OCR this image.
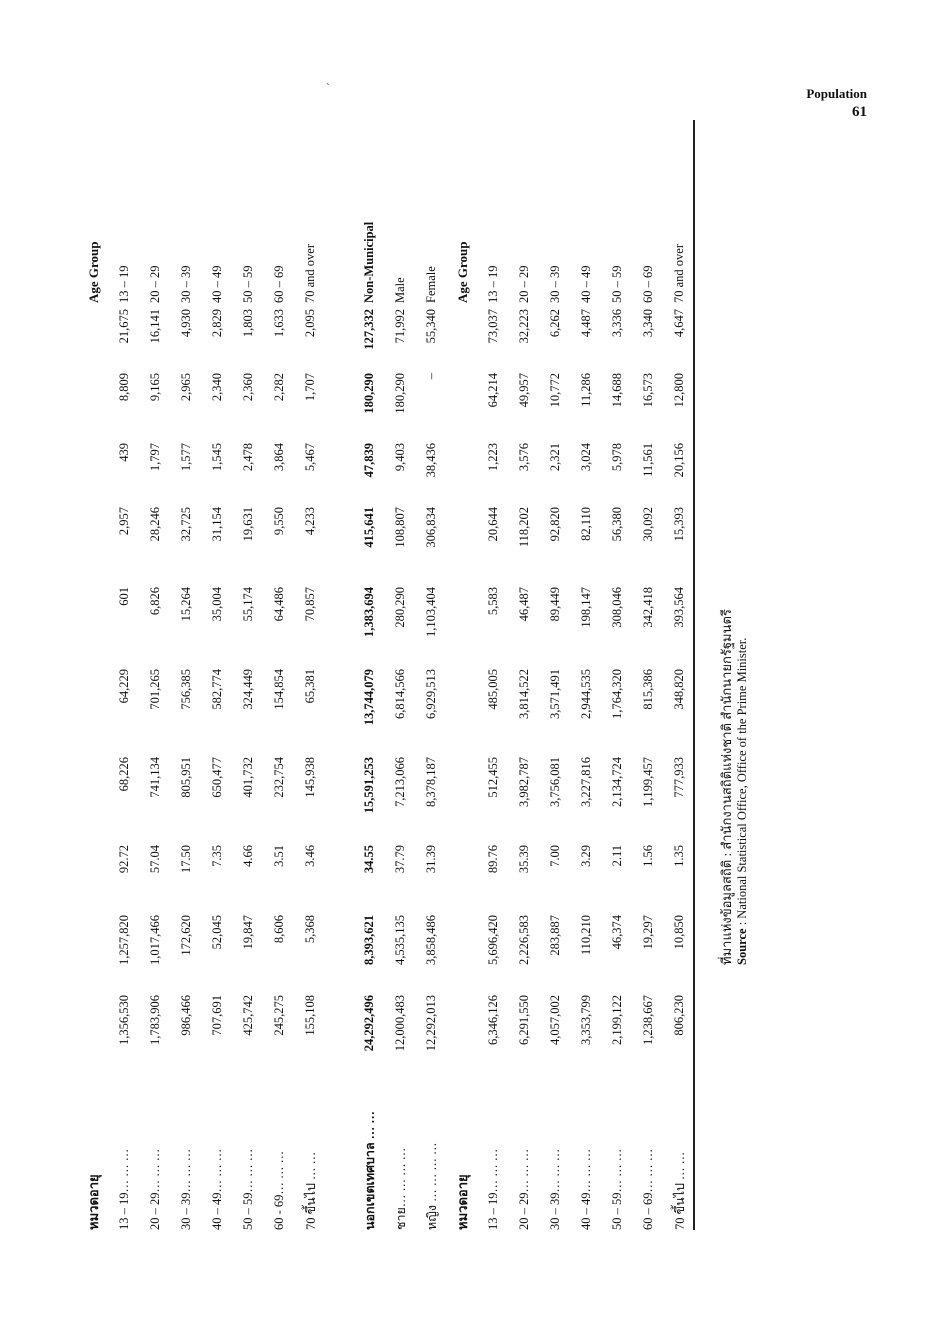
Population
61
`
หมวดอายุ											Age Group
13 – 19… … …	1,356,530	1,257,820	92.72	68,226	64,229	601	2,957	439	8,809	21,675	13 – 19
20 – 29… … …	1,783,906	1,017,466	57.04	741,134	701,265	6,826	28,246	1,797	9,165	16,141	20 – 29
30 – 39… … …	986,466	172,620	17.50	805,951	756,385	15,264	32,725	1,577	2,965	4,930	30 – 39
40 – 49… … …	707,691	52,045	7.35	650,477	582,774	35,004	31,154	1,545	2,340	2,829	40 – 49
50 – 59… … …	425,742	19,847	4.66	401,732	324,449	55,174	19,631	2,478	2,360	1,803	50 – 59
60 - 69… … …	245,275	8,606	3.51	232,754	154,854	64,486	9,550	3,864	2,282	1,633	60 – 69
70 ขึ้นไป … …	155,108	5,368	3.46	145,938	65,381	70,857	4,233	5,467	1,707	2,095	70 and over

นอกเขตเทศบาล … …	24,292,496	8,393,621	34.55	15,591,253	13,744,079	1,383,694	415,641	47,839	180,290	127,332	Non-Municipal
ชาย… … … …	12,000,483	4,535,135	37.79	7,213,066	6,814,566	280,290	108,807	9,403	180,290	71,992	Male
หญิง … … … …	12,292,013	3,858,486	31.39	8,378,187	6,929,513	1,103,404	306,834	38,436	–	55,340	Female
หมวดอายุ											Age Group
13 – 19… … …	6,346,126	5,696,420	89.76	512,455	485,005	5,583	20,644	1,223	64,214	73,037	13 – 19
20 – 29… … …	6,291,550	2,226,583	35.39	3,982,787	3,814,522	46,487	118,202	3,576	49,957	32,223	20 – 29
30 – 39… … …	4,057,002	283,887	7.00	3,756,081	3,571,491	89,449	92,820	2,321	10,772	6,262	30 – 39
40 – 49… … …	3,353,799	110,210	3.29	3,227,816	2,944,535	198,147	82,110	3,024	11,286	4,487	40 – 49
50 – 59… … …	2,199,122	46,374	2.11	2,134,724	1,764,320	308,046	56,380	5,978	14,688	3,336	50 – 59
60 – 69… … …	1,238,667	19,297	1.56	1,199,457	815,386	342,418	30,092	11,561	16,573	3,340	60 – 69
70 ขึ้นไป … …	806,230	10,850	1.35	777,933	348,820	393,564	15,393	20,156	12,800	4,647	70 and over
ที่มาแห่งข้อมูลสถิติ : สำนักงานสถิติแห่งชาติ สำนักนายกรัฐมนตรี Source : National Statistical Office, Office of the Prime Minister.
